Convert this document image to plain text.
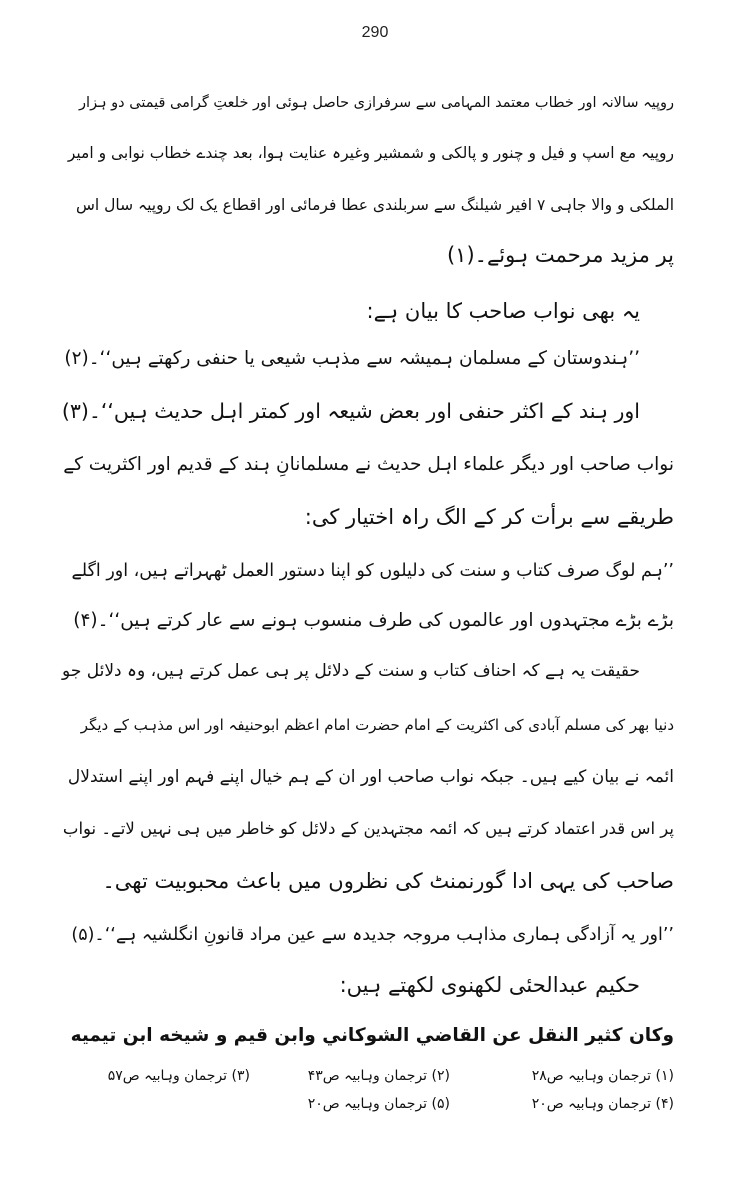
290
روپیہ سالانہ اور خطاب معتمد المہامی سے سرفرازی حاصل ہوئی اور خلعتِ گرامی قیمتی دو ہزار
روپیہ مع اسپ و فیل و چنور و پالکی و شمشیر وغیرہ عنایت ہوا، بعد چندے خطاب نوابی و امیر
الملکی و والا جاہی ۷ افیر شیلنگ سے سربلندی عطا فرمائی اور اقطاع یک لک روپیہ سال اس
پر مزید مرحمت ہوئے۔(۱)
یہ بھی نواب صاحب کا بیان ہے:
’’ہندوستان کے مسلمان ہمیشہ سے مذہب شیعی یا حنفی رکھتے ہیں‘‘۔(۲)
اور ہند کے اکثر حنفی اور بعض شیعہ اور کمتر اہل حدیث ہیں‘‘۔(۳)
نواب صاحب اور دیگر علماء اہل حدیث نے مسلمانانِ ہند کے قدیم اور اکثریت کے
طریقے سے برأت کر کے الگ راہ اختیار کی:
’’ہم لوگ صرف کتاب و سنت کی دلیلوں کو اپنا دستور العمل ٹھہراتے ہیں، اور اگلے
بڑے بڑے مجتہدوں اور عالموں کی طرف منسوب ہونے سے عار کرتے ہیں‘‘۔(۴)
حقیقت یہ ہے کہ احناف کتاب و سنت کے دلائل پر ہی عمل کرتے ہیں، وہ دلائل جو
دنیا بھر کی مسلم آبادی کی اکثریت کے امام حضرت امام اعظم ابوحنیفہ اور اس مذہب کے دیگر
ائمہ نے بیان کیے ہیں۔ جبکہ نواب صاحب اور ان کے ہم خیال اپنے فہم اور اپنے استدلال
پر اس قدر اعتماد کرتے ہیں کہ ائمہ مجتہدین کے دلائل کو خاطر میں ہی نہیں لاتے۔ نواب
صاحب کی یہی ادا گورنمنٹ کی نظروں میں باعث محبوبیت تھی۔
’’اور یہ آزادگی ہماری مذاہب مروجہ جدیدہ سے عین مراد قانونِ انگلشیہ ہے‘‘۔(۵)
حکیم عبدالحئی لکھنوی لکھتے ہیں:
وكان كثير النقل عن القاضي الشوكاني وابن قيم و شيخه ابن تيميه
(۱) ترجمان وہابیہ ص۲۸
(۲) ترجمان وہابیہ ص۴۳
(۳) ترجمان وہابیہ ص۵۷
(۴) ترجمان وہابیہ ص۲۰
(۵) ترجمان وہابیہ ص۲۰
